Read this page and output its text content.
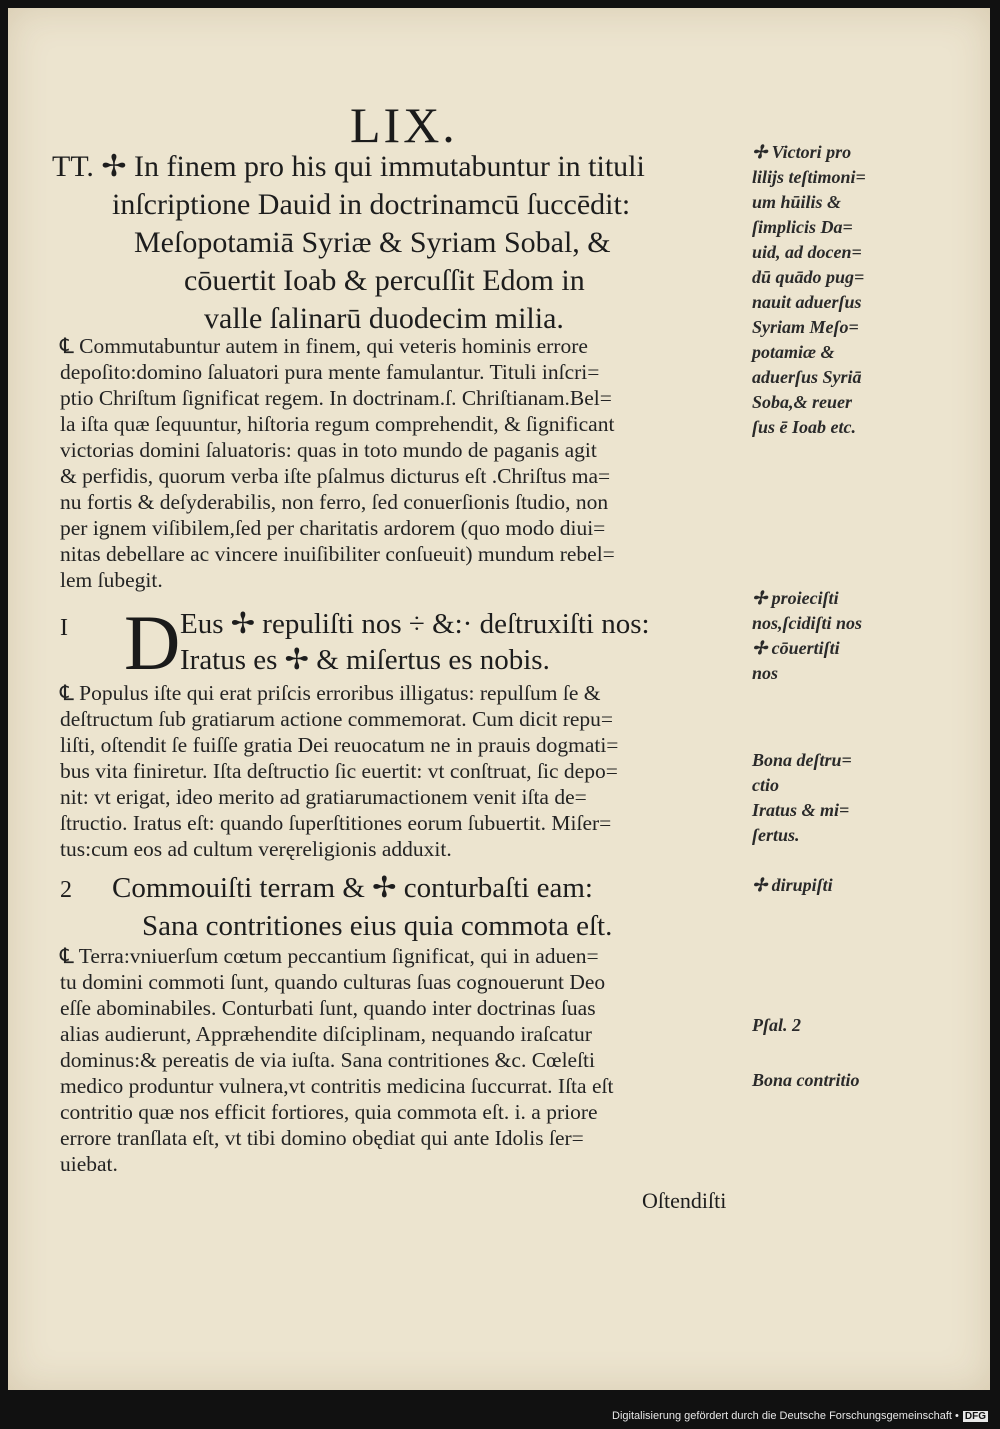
LIX.
TT. ✢ In finem pro his qui immutabuntur in tituli
inſcriptione Dauid in doctrinamcū ſuccēdit:
Meſopotamiā Syriæ & Syriam Sobal, &
cōuertit Ioab & percuſſit Edom in
valle ſalinarū duodecim milia.
℄ Commutabuntur autem in finem, qui veteris hominis errore
depoſito:domino ſaluatori pura mente famulantur. Tituli inſcri=
ptio Chriſtum ſignificat regem. In doctrinam.ſ. Chriſtianam.Bel=
la iſta quæ ſequuntur, hiſtoria regum comprehendit, & ſignificant
victorias domini ſaluatoris: quas in toto mundo de paganis agit
& perfidis, quorum verba iſte pſalmus dicturus eſt .Chriſtus ma=
nu fortis & deſyderabilis, non ferro, ſed conuerſionis ſtudio, non
per ignem viſibilem,ſed per charitatis ardorem (quo modo diui=
nitas debellare ac vincere inuiſibiliter conſueuit) mundum rebel=
lem ſubegit.
I	Eus ✢ repuliſti nos ÷ &:· deſtruxiſti nos:
Iratus es ✢ & miſertus es nobis.
D
℄ Populus iſte qui erat priſcis erroribus illigatus: repulſum ſe &
deſtructum ſub gratiarum actione commemorat. Cum dicit repu=
liſti, oſtendit ſe fuiſſe gratia Dei reuocatum ne in prauis dogmati=
bus vita finiretur. Iſta deſtructio ſic euertit: vt conſtruat, ſic depo=
nit: vt erigat, ideo merito ad gratiarumactionem venit iſta de=
ſtructio. Iratus eſt: quando ſuperſtitiones eorum ſubuertit. Miſer=
tus:cum eos ad cultum veręreligionis adduxit.
2 Commouiſti terram & ✢ conturbaſti eam:
Sana contritiones eius quia commota eſt.
℄ Terra:vniuerſum cœtum peccantium ſignificat, qui in aduen=
tu domini commoti ſunt, quando culturas ſuas cognouerunt Deo
eſſe abominabiles. Conturbati ſunt, quando inter doctrinas ſuas
alias audierunt, Appræhendite diſciplinam, nequando iraſcatur
dominus:& pereatis de via iuſta. Sana contritiones &c. Cœleſti
medico produntur vulnera,vt contritis medicina ſuccurrat. Iſta eſt
contritio quæ nos efficit fortiores, quia commota eſt. i. a priore
errore tranſlata eſt, vt tibi domino obędiat qui ante Idolis ſer=
uiebat.
✢ Victori pro
lilijs teſtimoni=
um hūilis &
ſimplicis Da=
uid, ad docen=
dū quādo pug=
nauit aduerſus
Syriam Meſo=
potamiæ &
aduerſus Syriā
Soba,& reuer
ſus ē Ioab etc.
✢ proieciſti
nos,ſcidiſti nos
✢ cōuertiſti
nos
Bona deſtru=
ctio
Iratus & mi=
ſertus.
✢ dirupiſti
Pſal. 2
Bona contritio
Oſtendiſti
Digitalisierung gefördert durch die Deutsche Forschungsgemeinschaft • DFG
